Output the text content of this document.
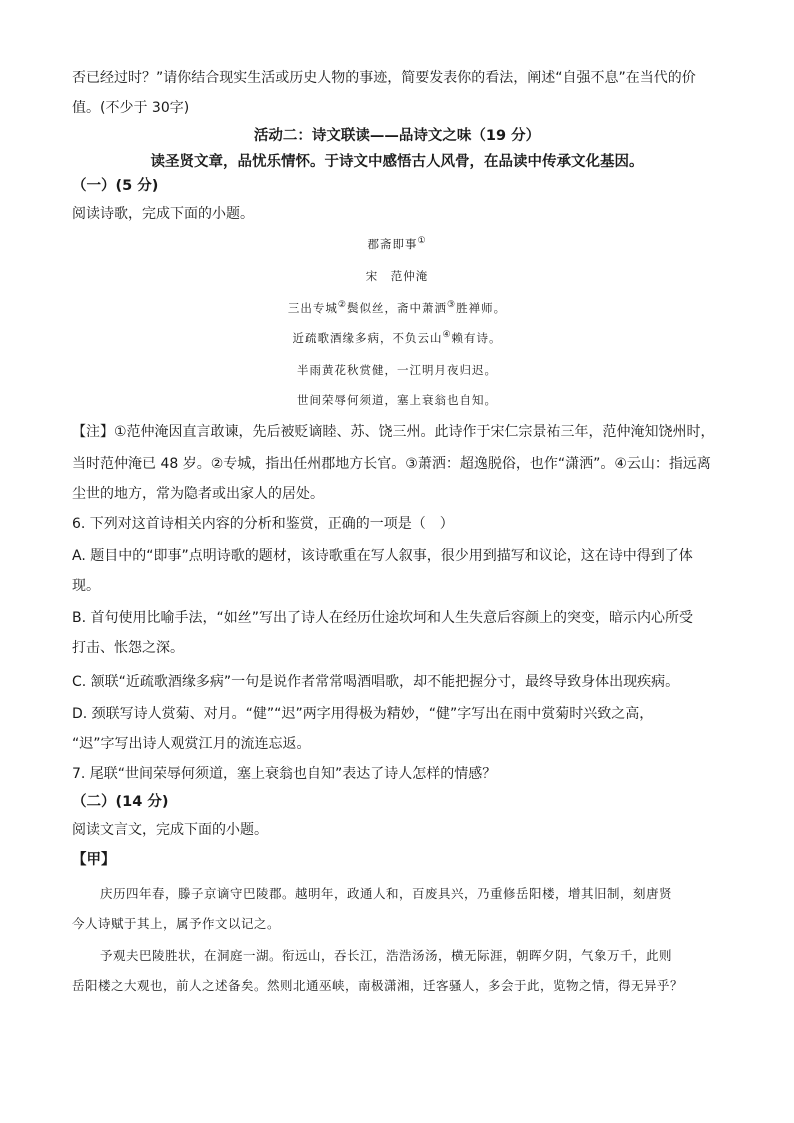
否已经过时？”请你结合现实生活或历史人物的事迹，简要发表你的看法，阐述“自强不息”在当代的价
值。(不少于 30字)
活动二：诗文联读——品诗文之味（19 分）
读圣贤文章，品忧乐情怀。于诗文中感悟古人风骨，在品读中传承文化基因。
（一）(5 分)
阅读诗歌，完成下面的小题。
郡斋即事①
宋　范仲淹
三出专城②鬓似丝，斋中萧洒③胜禅师。
近疏歌酒缘多病，不负云山④赖有诗。
半雨黄花秋赏健，一江明月夜归迟。
世间荣辱何须道，塞上衰翁也自知。
【注】①范仲淹因直言敢谏，先后被贬谪睦、苏、饶三州。此诗作于宋仁宗景祐三年，范仲淹知饶州时，
当时范仲淹已 48 岁。②专城，指出任州郡地方长官。③萧洒：超逸脱俗，也作“潇洒”。④云山：指远离
尘世的地方，常为隐者或出家人的居处。
6. 下列对这首诗相关内容的分析和鉴赏，正确的一项是（　）
A. 题目中的“即事”点明诗歌的题材，该诗歌重在写人叙事，很少用到描写和议论，这在诗中得到了体
现。
B. 首句使用比喻手法，“如丝”写出了诗人在经历仕途坎坷和人生失意后容颜上的突变，暗示内心所受
打击、怅怨之深。
C. 颔联“近疏歌酒缘多病”一句是说作者常常喝酒唱歌，却不能把握分寸，最终导致身体出现疾病。
D. 颈联写诗人赏菊、对月。“健”“迟”两字用得极为精妙，“健”字写出在雨中赏菊时兴致之高，
“迟”字写出诗人观赏江月的流连忘返。
7. 尾联“世间荣辱何须道，塞上衰翁也自知”表达了诗人怎样的情感？
（二）(14 分)
阅读文言文，完成下面的小题。
【甲】
庆历四年春，滕子京谪守巴陵郡。越明年，政通人和，百废具兴，乃重修岳阳楼，增其旧制，刻唐贤
今人诗赋于其上，属予作文以记之。
予观夫巴陵胜状，在洞庭一湖。衔远山，吞长江，浩浩汤汤，横无际涯，朝晖夕阴，气象万千，此则
岳阳楼之大观也，前人之述备矣。然则北通巫峡，南极潇湘，迁客骚人，多会于此，览物之情，得无异乎？
